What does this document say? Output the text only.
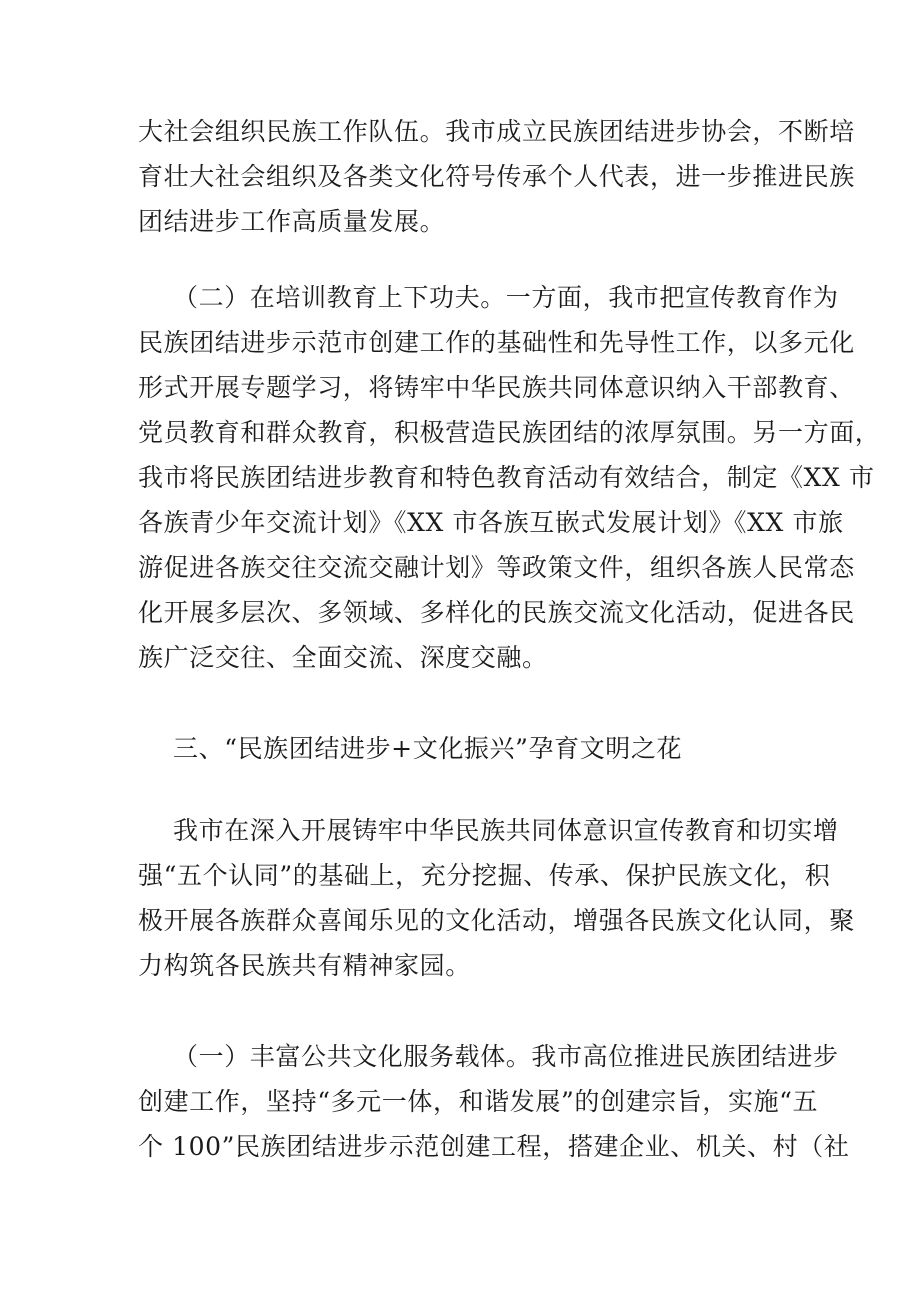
大社会组织民族工作队伍。我市成立民族团结进步协会，不断培
育壮大社会组织及各类文化符号传承个人代表，进一步推进民族
团结进步工作高质量发展。
（二）在培训教育上下功夫。一方面，我市把宣传教育作为
民族团结进步示范市创建工作的基础性和先导性工作，以多元化
形式开展专题学习，将铸牢中华民族共同体意识纳入干部教育、
党员教育和群众教育，积极营造民族团结的浓厚氛围。另一方面，
我市将民族团结进步教育和特色教育活动有效结合，制定《XX 市
各族青少年交流计划》《XX 市各族互嵌式发展计划》《XX 市旅
游促进各族交往交流交融计划》等政策文件，组织各族人民常态
化开展多层次、多领域、多样化的民族交流文化活动，促进各民
族广泛交往、全面交流、深度交融。
三、“民族团结进步+文化振兴”孕育文明之花
我市在深入开展铸牢中华民族共同体意识宣传教育和切实增
强“五个认同”的基础上，充分挖掘、传承、保护民族文化，积
极开展各族群众喜闻乐见的文化活动，增强各民族文化认同，聚
力构筑各民族共有精神家园。
（一）丰富公共文化服务载体。我市高位推进民族团结进步
创建工作，坚持“多元一体，和谐发展”的创建宗旨，实施“五
个 100”民族团结进步示范创建工程，搭建企业、机关、村（社
